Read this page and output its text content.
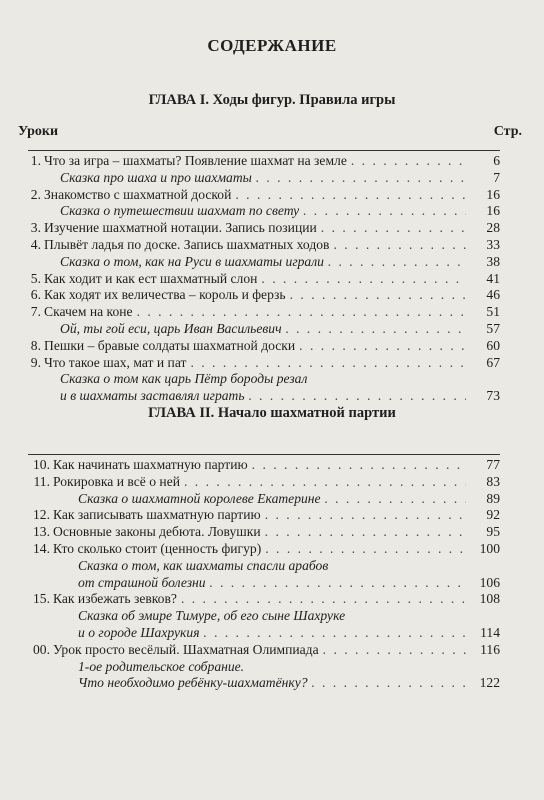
СОДЕРЖАНИЕ
ГЛАВА I. Ходы фигур. Правила игры
Уроки	Стр.
1. Что за игра – шахматы? Появление шахмат на земле . . .	6
Сказка про шаха и про шахматы . . .	7
2. Знакомство с шахматной доской . . .	16
Сказка о путешествии шахмат по свету . . .	16
3. Изучение шахматной нотации. Запись позиции . . .	28
4. Плывёт ладья по доске. Запись шахматных ходов . . .	33
Сказка о том, как на Руси в шахматы играли . . .	38
5. Как ходит и как ест шахматный слон . . .	41
6. Как ходят их величества – король и ферзь . . .	46
7. Скачем на коне . . .	51
Ой, ты гой еси, царь Иван Васильевич . . .	57
8. Пешки – бравые солдаты шахматной доски . . .	60
9. Что такое шах, мат и пат . . .	67
Сказка о том как царь Пётр бороды резал
и в шахматы заставлял играть . . .	73
ГЛАВА II. Начало шахматной партии
10. Как начинать шахматную партию . . .	77
11. Рокировка и всё о ней . . .	83
Сказка о шахматной королеве Екатерине . . .	89
12. Как записывать шахматную партию . . .	92
13. Основные законы дебюта. Ловушки . . .	95
14. Кто сколько стоит (ценность фигур) . . .	100
Сказка о том, как шахматы спасли арабов
от страшной болезни . . .	106
15. Как избежать зевков? . . .	108
Сказка об эмире Тимуре, об его сыне Шахруке
и о городе Шахрукия . . .	114
00. Урок просто весёлый. Шахматная Олимпиада . . .	116
1-ое родительское собрание.
Что необходимо ребёнку-шахматёнку? . . .	122
